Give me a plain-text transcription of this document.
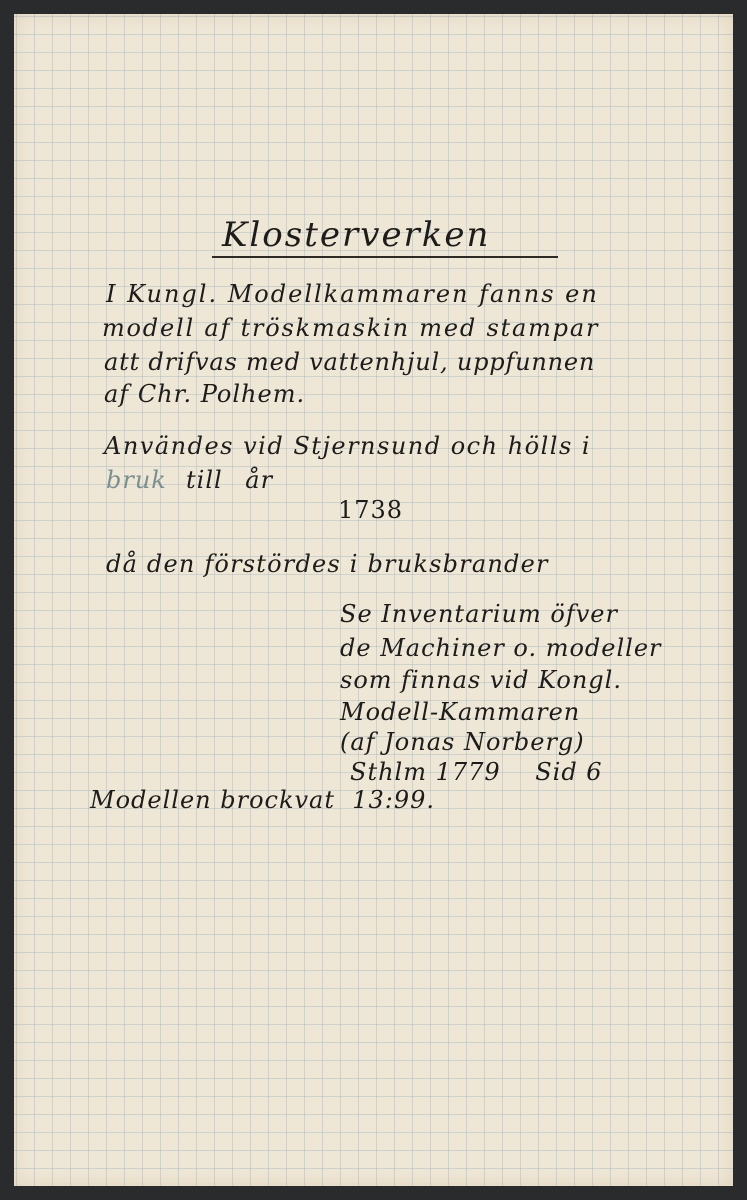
Klosterverken
I Kungl. Modellkammaren fanns en
modell af tröskmaskin med stampar
att drifvas med vattenhjul, uppfunnen
af Chr. Polhem.
Användes vid Stjernsund och hölls i
bruk till år
1738
då den förstördes i bruksbrander
Se Inventarium öfver
de Machiner o. modeller
som finnas vid Kongl.
Modell-Kammaren
(af Jonas Norberg)
Sthlm 1779    Sid 6
Modellen brockvat  13:99.
